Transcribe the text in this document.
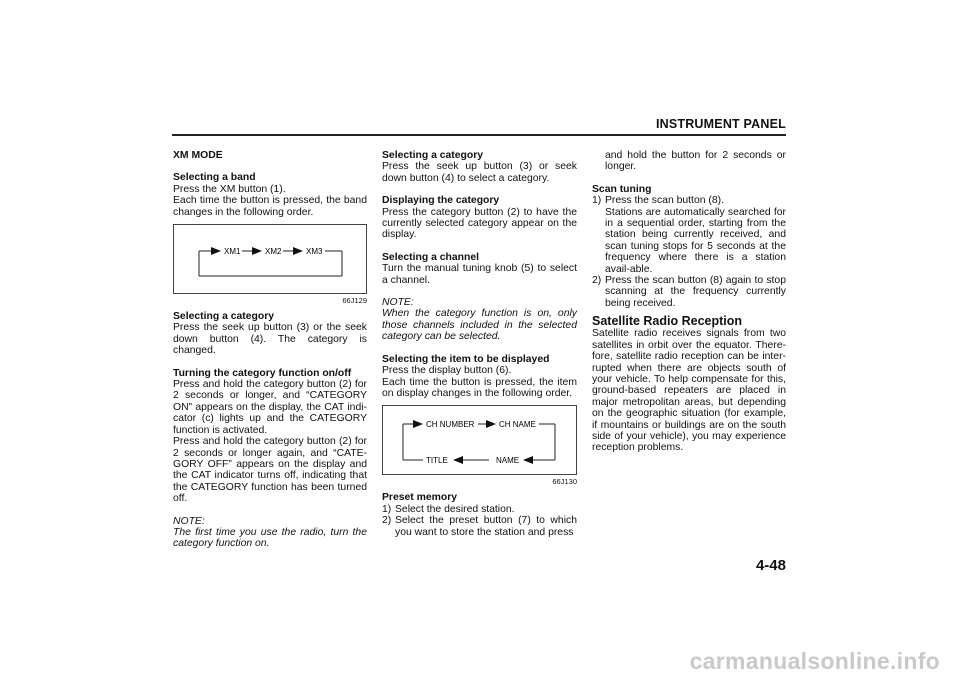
INSTRUMENT PANEL

XM MODE

Selecting a band

Press the XM button (1).

Each time the button is pressed, the band changes in the following order.

XM1	XM2	XM3
66J129

Selecting a category

Press the seek up button (3) or the seek down button (4). The category is changed.

Turning the category function on/off

Press and hold the category button (2) for 2 seconds or longer, and “CATEGORY ON” appears on the display, the CAT indi-cator (c) lights up and the CATEGORY function is activated.

Press and hold the category button (2) for 2 seconds or longer again, and “CATE-GORY OFF” appears on the display and the CAT indicator turns off, indicating that the CATEGORY function has been turned off.

NOTE:

The first time you use the radio, turn the category function on.

Selecting a category

Press the seek up button (3) or seek down button (4) to select a category.

Displaying the category

Press the category button (2) to have the currently selected category appear on the display.

Selecting a channel

Turn the manual tuning knob (5) to select a channel.

NOTE:

When the category function is on, only those channels included in the selected category can be selected.

Selecting the item to be displayed

Press the display button (6).

Each time the button is pressed, the item on display changes in the following order.

CH NUMBER	CH NAME
NAME
TITLE
66J130

Preset memory

1) Select the desired station.
2) Select the preset button (7) to which you want to store the station and press

and hold the button for 2 seconds or longer.

Scan tuning

1) Press the scan button (8).
Stations are automatically searched for in a sequential order, starting from the station being currently received, and scan tuning stops for 5 seconds at the frequency where there is a station avail-able.
2) Press the scan button (8) again to stop scanning at the frequency currently being received.

Satellite Radio Reception

Satellite radio receives signals from two satellites in orbit over the equator. There-fore, satellite radio reception can be inter-rupted when there are objects south of your vehicle. To help compensate for this, ground-based repeaters are placed in major metropolitan areas, but depending on the geographic situation (for example, if mountains or buildings are on the south side of your vehicle), you may experience reception problems.

4-48
carmanualsonline.info
